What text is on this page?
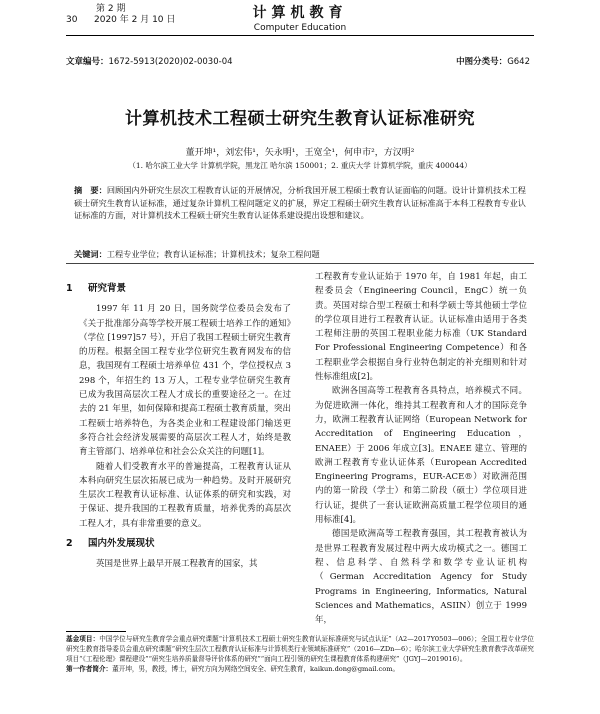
第 2 期
30 2020 年 2 月 10 日	计算机教育
Computer Education
文章编号：1672-5913(2020)02-0030-04	中图分类号：G642
计算机技术工程硕士研究生教育认证标准研究
董开坤¹，刘宏伟¹，矢永明¹，王宽全¹，何申市²，方汉明²
（1. 哈尔滨工业大学 计算机学院，黑龙江 哈尔滨 150001；2. 重庆大学 计算机学院，重庆 400044）
摘　要：回顾国内外研究生层次工程教育认证的开展情况，分析我国开展工程硕士教育认证面临的问题。设计计算机技术工程硕士研究生教育认证标准，通过复杂计算机工程问题定义的扩展，界定工程硕士研究生教育认证标准高于本科工程教育专业认证标准的方面，对计算机技术工程硕士研究生教育认证体系建设提出设想和建议。
关键词：工程专业学位；教育认证标准；计算机技术；复杂工程问题
1 研究背景

1997 年 11 月 20 日，国务院学位委员会发布了《关于批准部分高等学校开展工程硕士培养工作的通知》（学位 [1997]57 号），开启了我国工程硕士研究生教育的历程。根据全国工程专业学位研究生教育网发布的信息，我国现有工程硕士培养单位 431 个，学位授权点 3 298 个，年招生约 13 万人，工程专业学位研究生教育已成为我国高层次工程人才成长的重要途径之一。在过去的 21 年里，如何保障和提高工程硕士教育质量，突出工程硕士培养特色，为各类企业和工程建设部门输送更多符合社会经济发展需要的高层次工程人才，始终是教育主管部门、培养单位和社会公众关注的问题[1]。

随着人们受教育水平的普遍提高，工程教育认证从本科向研究生层次拓展已成为一种趋势。及时开展研究生层次工程教育认证标准、认证体系的研究和实践，对于保证、提升我国的工程教育质量，培养优秀的高层次工程人才，具有非常重要的意义。

2 国内外发展现状

英国是世界上最早开展工程教育的国家，其

工程教育专业认证始于 1970 年，自 1981 年起，由工程委员会（Engineering Council，EngC）统一负责。英国对综合型工程硕士和科学硕士等其他硕士学位的学位项目进行工程教育认证。认证标准由适用于各类工程师注册的英国工程职业能力标准（UK Standard For Professional Engineering Competence）和各工程职业学会根据自身行业特色制定的补充细则和针对性标准组成[2]。

欧洲各国高等工程教育各具特点，培养模式不同。为促进欧洲一体化，维持其工程教育和人才的国际竞争力，欧洲工程教育认证网络（European Network for Accreditation of Engineering Education，ENAEE）于 2006 年成立[3]。ENAEE 建立、管理的欧洲工程教育专业认证体系（European Accredited Engineering Programs，EUR-ACE®）对欧洲范围内的第一阶段（学士）和第二阶段（硕士）学位项目进行认证，提供了一套认证欧洲高质量工程学位项目的通用标准[4]。

德国是欧洲高等工程教育强国，其工程教育被认为是世界工程教育发展过程中两大成功模式之一。德国工程、信息科学、自然科学和数学专业认证机构（German Accreditation Agency for Study Programs in Engineering, Informatics, Natural Sciences and Mathematics，ASIIN）创立于 1999 年，

基金项目：中国学位与研究生教育学会重点研究课题“计算机技术工程硕士研究生教育认证标准研究与试点认证”（A2—2017Y0503—006）；全国工程专业学位研究生教育指导委员会重点研究课题“研究生层次工程教育认证标准与计算机类行业领域标准研究”（2016—ZDn—6）；哈尔滨工业大学研究生教育教学改革研究项目“《工程伦理》课程建设”“研究生培养质量督导评价体系的研究”“面向工程引领的研究生课程教育体系构建研究”（JGYJ—2019016）。
第一作者简介：董开坤，男，教授，博士，研究方向为网络空间安全、研究生教育，kaikun.dong@gmail.com。
